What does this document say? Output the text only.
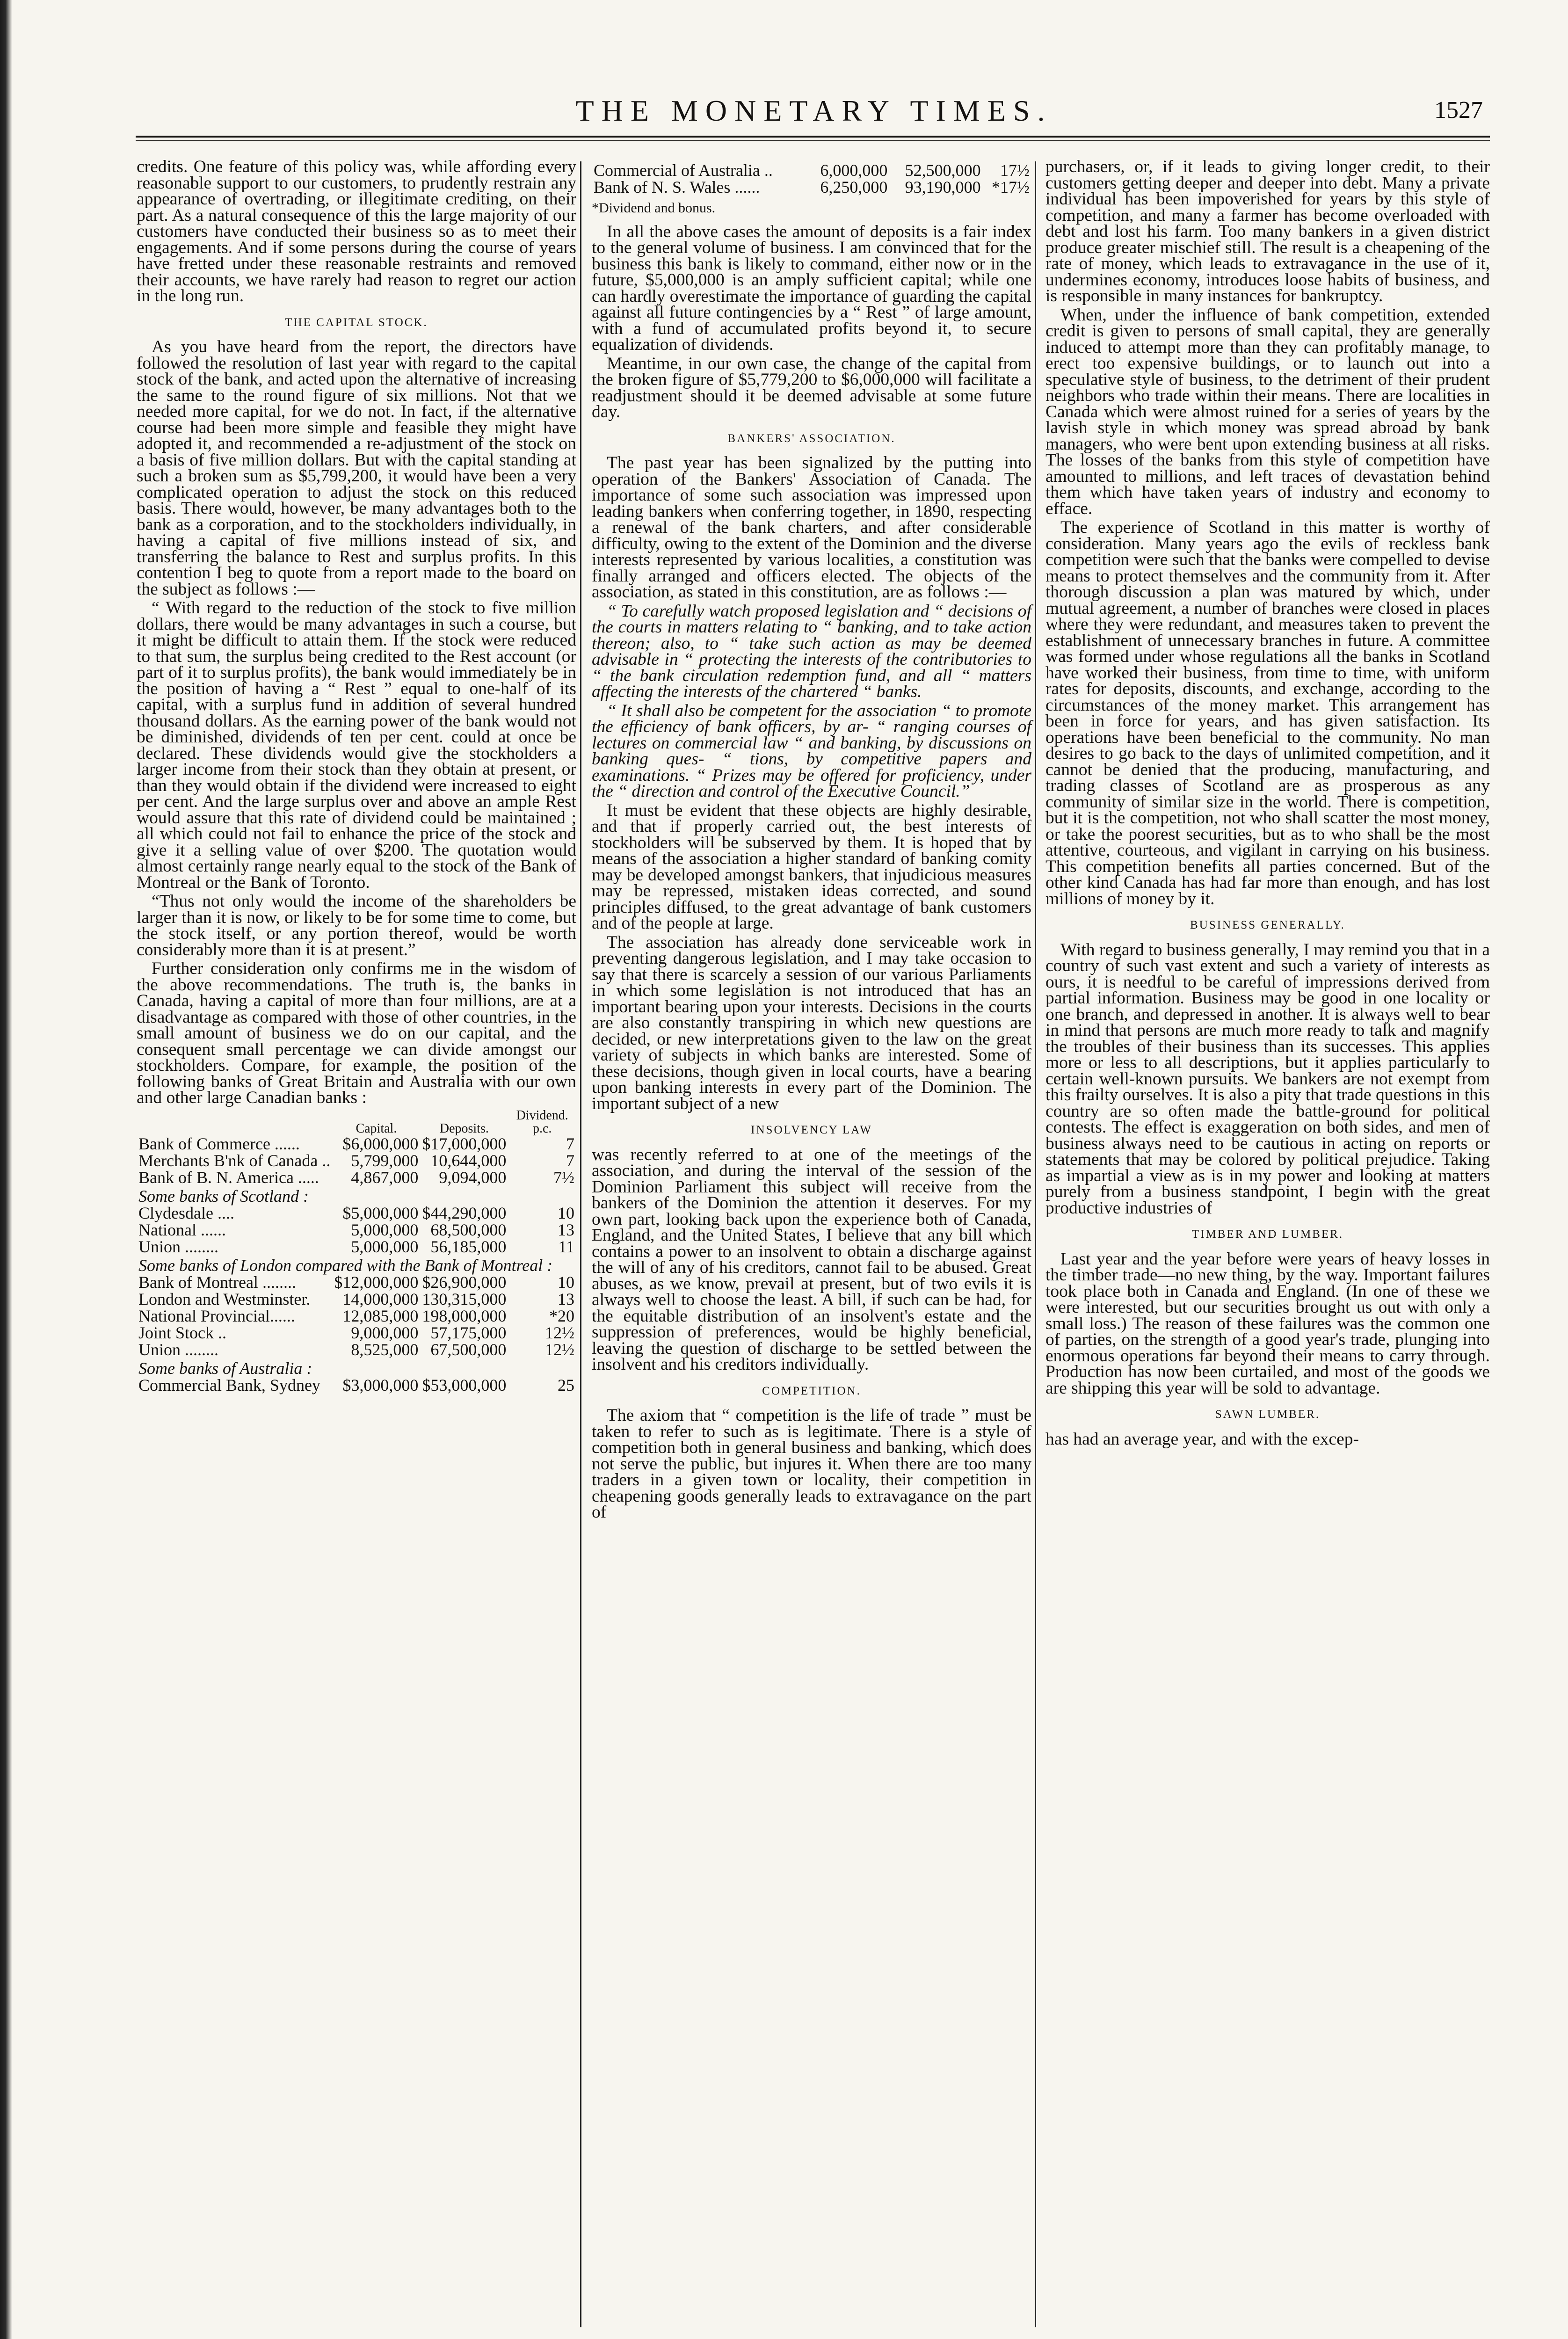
THE MONETARY TIMES.	1527

credits. One feature of this policy was, while affording every reasonable support to our customers, to prudently restrain any appearance of overtrading, or illegitimate crediting, on their part. As a natural consequence of this the large majority of our customers have conducted their business so as to meet their engagements. And if some persons during the course of years have fretted under these reasonable restraints and removed their accounts, we have rarely had reason to regret our action in the long run.

THE CAPITAL STOCK.

As you have heard from the report, the directors have followed the resolution of last year with regard to the capital stock of the bank, and acted upon the alternative of increasing the same to the round figure of six millions. Not that we needed more capital, for we do not. In fact, if the alternative course had been more simple and feasible they might have adopted it, and recommended a re-adjustment of the stock on a basis of five million dollars. But with the capital standing at such a broken sum as $5,799,200, it would have been a very complicated operation to adjust the stock on this reduced basis. There would, however, be many advantages both to the bank as a corporation, and to the stockholders individually, in having a capital of five millions instead of six, and transferring the balance to Rest and surplus profits. In this contention I beg to quote from a report made to the board on the subject as follows :—

“ With regard to the reduction of the stock to five million dollars, there would be many advantages in such a course, but it might be difficult to attain them. If the stock were reduced to that sum, the surplus being credited to the Rest account (or part of it to surplus profits), the bank would immediately be in the position of having a “ Rest ” equal to one-half of its capital, with a surplus fund in addition of several hundred thousand dollars. As the earning power of the bank would not be diminished, dividends of ten per cent. could at once be declared. These dividends would give the stockholders a larger income from their stock than they obtain at present, or than they would obtain if the dividend were increased to eight per cent. And the large surplus over and above an ample Rest would assure that this rate of dividend could be maintained ; all which could not fail to enhance the price of the stock and give it a selling value of over $200. The quotation would almost certainly range nearly equal to the stock of the Bank of Montreal or the Bank of Toronto.

“Thus not only would the income of the shareholders be larger than it is now, or likely to be for some time to come, but the stock itself, or any portion thereof, would be worth considerably more than it is at present.”

Further consideration only confirms me in the wisdom of the above recommendations. The truth is, the banks in Canada, having a capital of more than four millions, are at a disadvantage as compared with those of other countries, in the small amount of business we do on our capital, and the consequent small percentage we can divide amongst our stockholders. Compare, for example, the position of the following banks of Great Britain and Australia with our own and other large Canadian banks :

	Capital.	Deposits.	Dividend. p.c.
Bank of Commerce ......	$6,000,000	$17,000,000	7
Merchants B'nk of Canada ..	5,799,000	10,644,000	7
Bank of B. N. America .....	4,867,000	9,094,000	7½
Some banks of Scotland :			
Clydesdale ....	$5,000,000	$44,290,000	10
National ......	5,000,000	68,500,000	13
Union ........	5,000,000	56,185,000	11
Some banks of London compared with the Bank of Montreal :			
Bank of Montreal ........	$12,000,000	$26,900,000	10
London and Westminster.	14,000,000	130,315,000	13
National Provincial......	12,085,000	198,000,000	*20
Joint Stock ..	9,000,000	57,175,000	12½
Union ........	8,525,000	67,500,000	12½
Some banks of Australia :			
Commercial Bank, Sydney	$3,000,000	$53,000,000	25
Commercial of Australia ..	6,000,000	52,500,000	17½
Bank of N. S. Wales ......	6,250,000	93,190,000	*17½

*Dividend and bonus.

In all the above cases the amount of deposits is a fair index to the general volume of business. I am convinced that for the business this bank is likely to command, either now or in the future, $5,000,000 is an amply sufficient capital; while one can hardly overestimate the importance of guarding the capital against all future contingencies by a “ Rest ” of large amount, with a fund of accumulated profits beyond it, to secure equalization of dividends.

Meantime, in our own case, the change of the capital from the broken figure of $5,779,200 to $6,000,000 will facilitate a readjustment should it be deemed advisable at some future day.

BANKERS' ASSOCIATION.

The past year has been signalized by the putting into operation of the Bankers' Association of Canada. The importance of some such association was impressed upon leading bankers when conferring together, in 1890, respecting a renewal of the bank charters, and after considerable difficulty, owing to the extent of the Dominion and the diverse interests represented by various localities, a constitution was finally arranged and officers elected. The objects of the association, as stated in this constitution, are as follows :—

“ To carefully watch proposed legislation and “ decisions of the courts in matters relating to “ banking, and to take action thereon; also, to “ take such action as may be deemed advisable in “ protecting the interests of the contributories to “ the bank circulation redemption fund, and all “ matters affecting the interests of the chartered “ banks.

“ It shall also be competent for the association “ to promote the efficiency of bank officers, by ar- “ ranging courses of lectures on commercial law “ and banking, by discussions on banking ques- “ tions, by competitive papers and examinations. “ Prizes may be offered for proficiency, under the “ direction and control of the Executive Council.”

It must be evident that these objects are highly desirable, and that if properly carried out, the best interests of stockholders will be subserved by them. It is hoped that by means of the association a higher standard of banking comity may be developed amongst bankers, that injudicious measures may be repressed, mistaken ideas corrected, and sound principles diffused, to the great advantage of bank customers and of the people at large.

The association has already done serviceable work in preventing dangerous legislation, and I may take occasion to say that there is scarcely a session of our various Parliaments in which some legislation is not introduced that has an important bearing upon your interests. Decisions in the courts are also constantly transpiring in which new questions are decided, or new interpretations given to the law on the great variety of subjects in which banks are interested. Some of these decisions, though given in local courts, have a bearing upon banking interests in every part of the Dominion. The important subject of a new

INSOLVENCY LAW

was recently referred to at one of the meetings of the association, and during the interval of the session of the Dominion Parliament this subject will receive from the bankers of the Dominion the attention it deserves. For my own part, looking back upon the experience both of Canada, England, and the United States, I believe that any bill which contains a power to an insolvent to obtain a discharge against the will of any of his creditors, cannot fail to be abused. Great abuses, as we know, prevail at present, but of two evils it is always well to choose the least. A bill, if such can be had, for the equitable distribution of an insolvent's estate and the suppression of preferences, would be highly beneficial, leaving the question of discharge to be settled between the insolvent and his creditors individually.

COMPETITION.

The axiom that “ competition is the life of trade ” must be taken to refer to such as is legitimate. There is a style of competition both in general business and banking, which does not serve the public, but injures it. When there are too many traders in a given town or locality, their competition in cheapening goods generally leads to extravagance on the part of

purchasers, or, if it leads to giving longer credit, to their customers getting deeper and deeper into debt. Many a private individual has been impoverished for years by this style of competition, and many a farmer has become overloaded with debt and lost his farm. Too many bankers in a given district produce greater mischief still. The result is a cheapening of the rate of money, which leads to extravagance in the use of it, undermines economy, introduces loose habits of business, and is responsible in many instances for bankruptcy.

When, under the influence of bank competition, extended credit is given to persons of small capital, they are generally induced to attempt more than they can profitably manage, to erect too expensive buildings, or to launch out into a speculative style of business, to the detriment of their prudent neighbors who trade within their means. There are localities in Canada which were almost ruined for a series of years by the lavish style in which money was spread abroad by bank managers, who were bent upon extending business at all risks. The losses of the banks from this style of competition have amounted to millions, and left traces of devastation behind them which have taken years of industry and economy to efface.

The experience of Scotland in this matter is worthy of consideration. Many years ago the evils of reckless bank competition were such that the banks were compelled to devise means to protect themselves and the community from it. After thorough discussion a plan was matured by which, under mutual agreement, a number of branches were closed in places where they were redundant, and measures taken to prevent the establishment of unnecessary branches in future. A committee was formed under whose regulations all the banks in Scotland have worked their business, from time to time, with uniform rates for deposits, discounts, and exchange, according to the circumstances of the money market. This arrangement has been in force for years, and has given satisfaction. Its operations have been beneficial to the community. No man desires to go back to the days of unlimited competition, and it cannot be denied that the producing, manufacturing, and trading classes of Scotland are as prosperous as any community of similar size in the world. There is competition, but it is the competition, not who shall scatter the most money, or take the poorest securities, but as to who shall be the most attentive, courteous, and vigilant in carrying on his business. This competition benefits all parties concerned. But of the other kind Canada has had far more than enough, and has lost millions of money by it.

BUSINESS GENERALLY.

With regard to business generally, I may remind you that in a country of such vast extent and such a variety of interests as ours, it is needful to be careful of impressions derived from partial information. Business may be good in one locality or one branch, and depressed in another. It is always well to bear in mind that persons are much more ready to talk and magnify the troubles of their business than its successes. This applies more or less to all descriptions, but it applies particularly to certain well-known pursuits. We bankers are not exempt from this frailty ourselves. It is also a pity that trade questions in this country are so often made the battle-ground for political contests. The effect is exaggeration on both sides, and men of business always need to be cautious in acting on reports or statements that may be colored by political prejudice. Taking as impartial a view as is in my power and looking at matters purely from a business standpoint, I begin with the great productive industries of

TIMBER AND LUMBER.

Last year and the year before were years of heavy losses in the timber trade—no new thing, by the way. Important failures took place both in Canada and England. (In one of these we were interested, but our securities brought us out with only a small loss.) The reason of these failures was the common one of parties, on the strength of a good year's trade, plunging into enormous operations far beyond their means to carry through. Production has now been curtailed, and most of the goods we are shipping this year will be sold to advantage.

SAWN LUMBER.

has had an average year, and with the excep-
